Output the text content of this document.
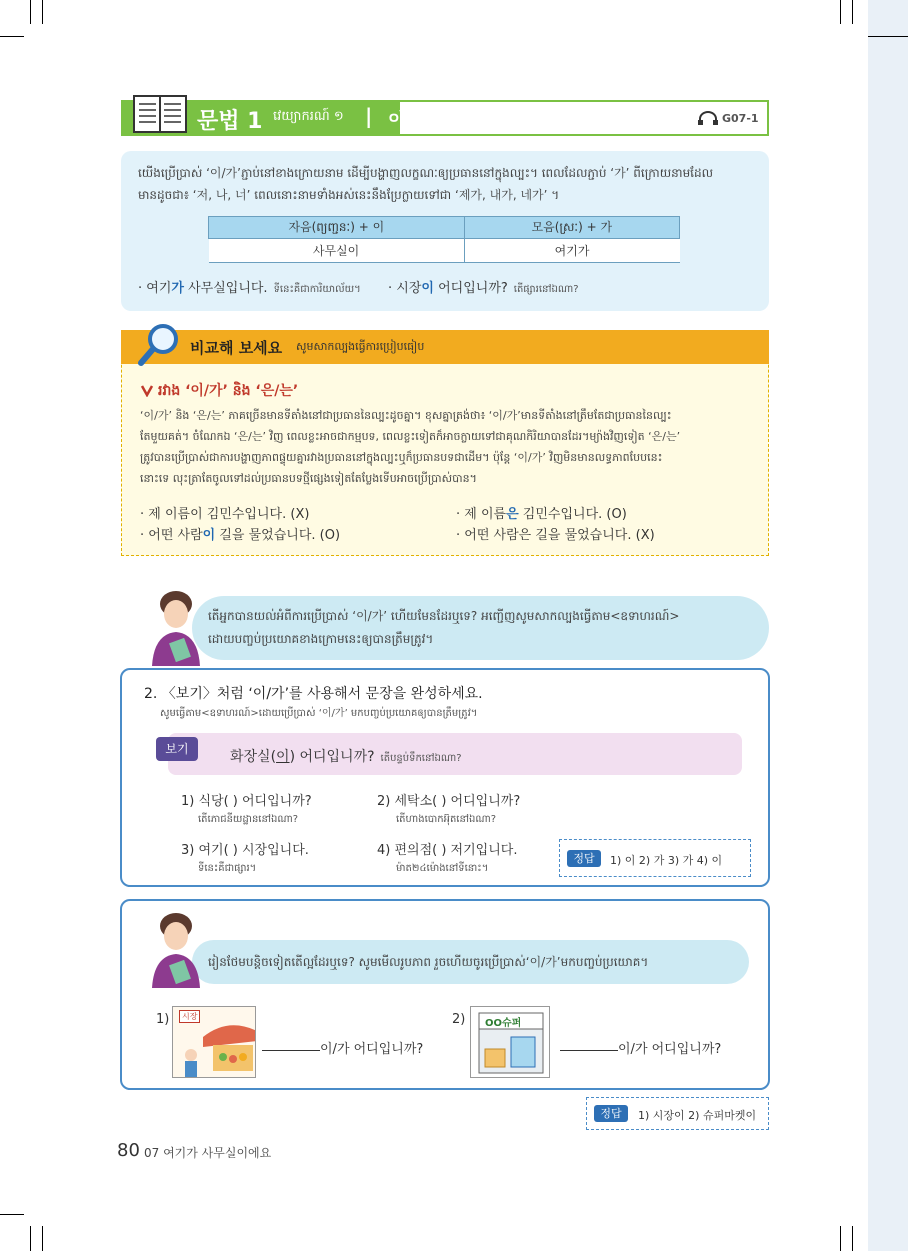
문법 1 វេយ្យាករណ៍ ១ | 이/가	G07-1
យើងប្រើប្រាស់ ‘이/가’ភ្ជាប់នៅខាងក្រោយនាម ដើម្បីបង្ហាញលក្ខណៈឲ្យប្រធាននៅក្នុងល្បះ។ ពេលដែលភ្ជាប់ ‘가’ ពីក្រោយនាមដែល
មានដូចជា៖ ‘저, 나, 너’ ពេលនោះនាមទាំងអស់នេះនឹងប្រែក្លាយទៅជា ‘제가, 내가, 네가’ ។
자음(ព្យញ្ជនៈ) + 이	모음(ស្រៈ) + 가
사무실이	여기가
· 여기가 사무실입니다. ទីនេះគឺជាការិយាល័យ។ · 시장이 어디입니까? តើផ្សារនៅឯណា?
비교해 보세요 សូមសាកល្បងធ្វើការប្រៀបធៀប
រវាង ‘이/가’ និង ‘은/는’
‘이/가’ និង ‘은/는’ ភាគច្រើនមានទីតាំងនៅជាប្រធាននៃល្បះដូចគ្នា។ ខុសគ្នាត្រង់ថា៖ ‘이/가’មានទីតាំងនៅត្រឹមតែជាប្រធាននៃល្បះ
តែមួយគត់។ ចំណែកឯ ‘은/는’ វិញ ពេលខ្លះអាចជាកម្មបទ, ពេលខ្លះទៀតក៏អាចក្លាយទៅជាគុណកិរិយាបានដែរ។ម្យ៉ាងវិញទៀត ‘은/는’
ត្រូវបានប្រើប្រាស់ជាការបង្ហាញភាពផ្ទុយគ្នារវាងប្រធាននៅក្នុងល្បះឬក៏ប្រធានបទជាដើម។ ប៉ុន្តែ ‘이/가’ វិញមិនមានលទ្ធភាពបែបនេះ
នោះទេ លុះត្រាតែចូលទៅដល់ប្រធានបទថ្មីផ្សេងទៀតតែប្លែងទើបអាចប្រើប្រាស់បាន។
· 제 이름이 김민수입니다. (X)	· 제 이름은 김민수입니다. (O)
· 어떤 사람이 길을 물었습니다. (O)	· 어떤 사람은 길을 물었습니다. (X)
តើអ្នកបានយល់អំពីការប្រើប្រាស់ ‘이/가’ ហើយមែនដែរឬទេ? អញ្ជើញសូមសាកល្បងធ្វើតាម<ឧទាហរណ៍>
ដោយបញ្ចប់ប្រយោគខាងក្រោមនេះឲ្យបានត្រឹមត្រូវ។
2. 〈보기〉처럼 ‘이/가’를 사용해서 문장을 완성하세요.
សូមធ្វើតាម<ឧទាហរណ៍>ដោយប្រើប្រាស់ ‘이/가’ មកបញ្ចប់ប្រយោគឲ្យបានត្រឹមត្រូវ។
보기	화장실(이) 어디입니까? តើបន្ទប់ទឹកនៅឯណា?
1) 식당( ) 어디입니까?
តើភោជនីយដ្ឋាននៅឯណា?
2) 세탁소( ) 어디입니까?
តើហាងបោកអ៊ុតនៅឯណា?
3) 여기( ) 시장입니다.
ទីនេះគឺជាផ្សារ។
4) 편의점( ) 저기입니다.
ម៉ាត២៤ម៉ោងនៅទីនោះ។
정답	1) 이 2) 가 3) 가 4) 이
រៀនថែមបន្តិចទៀតតើល្អដែរឬទេ? សូមមើលរូបភាព រួចហើយចូរប្រើប្រាស់‘이/가’មកបញ្ចប់ប្រយោគ។
1)	시장
이/가 어디입니까?
2) OO슈퍼
이/가 어디입니까?
정답	1) 시장이 2) 슈퍼마켓이
80 07 여기가 사무실이에요
